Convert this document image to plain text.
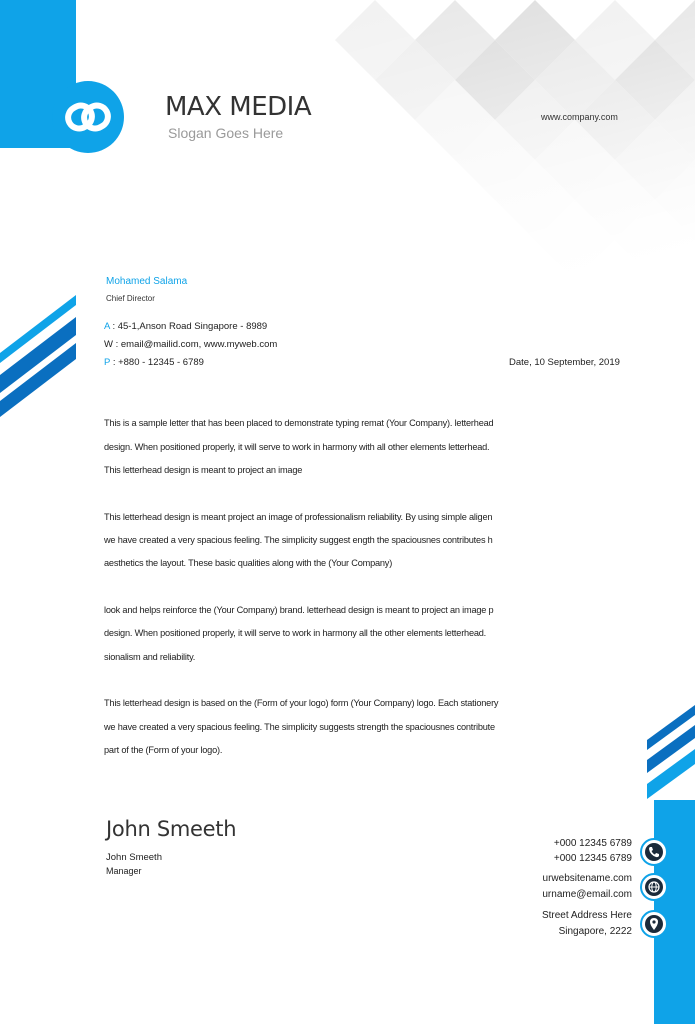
MAX MEDIA
Slogan Goes Here
www.company.com
Mohamed Salama
Chief Director
A : 45-1,Anson Road Singapore - 8989
W : email@mailid.com, www.myweb.com
P : +880 - 12345 - 6789	Date, 10 September, 2019
This is a sample letter that has been placed to demonstrate typing remat (Your Company). letterhead
design. When positioned properly, it will serve to work in harmony with all other elements letterhead.
This letterhead design is meant to project an image
This letterhead design is meant project an image of professionalism reliability. By using simple aligen
we have created a very spacious feeling. The simplicity suggest ength the spaciousnes contributes h
aesthetics the layout. These basic qualities along with the (Your Company)
look and helps reinforce the (Your Company) brand. letterhead design is meant to project an image p
design. When positioned properly, it will serve to work in harmony all the other elements letterhead.
sionalism and reliability.
This letterhead design is based on the (Form of your logo) form (Your Company) logo. Each stationery
we have created a very spacious feeling. The simplicity suggests strength the spaciousnes contribute
part of the (Form of your logo).
John Smeeth
John Smeeth
Manager
+000 12345 6789
+000 12345 6789
urwebsitename.com
urname@email.com
Street Address Here
Singapore, 2222
